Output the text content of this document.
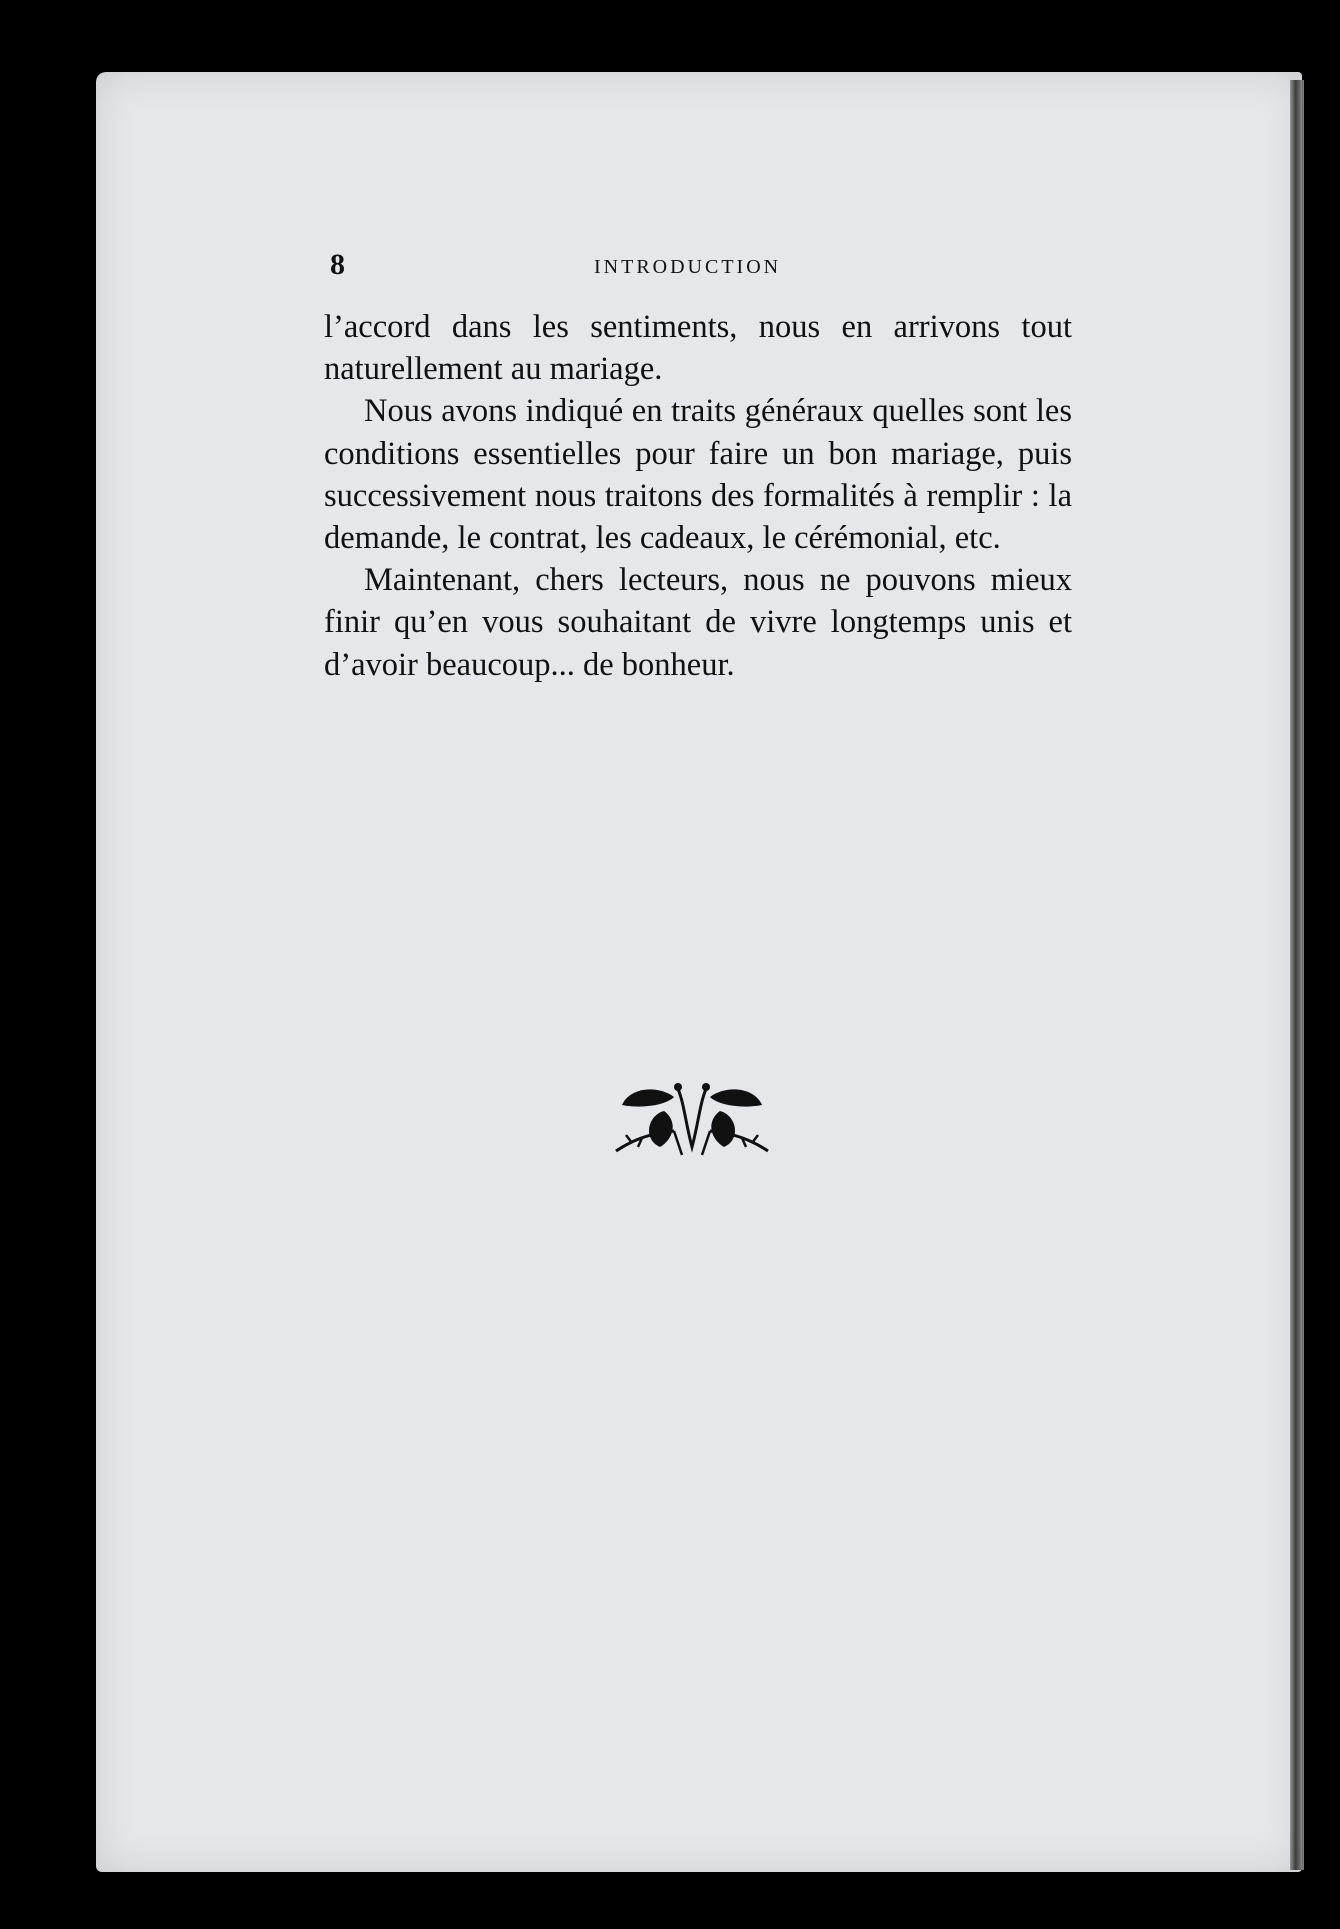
8	INTRODUCTION

l’accord dans les sentiments, nous en arrivons tout naturellement au mariage.

Nous avons indiqué en traits généraux quelles sont les conditions essentielles pour faire un bon mariage, puis successivement nous traitons des formalités à remplir : la demande, le contrat, les cadeaux, le cérémonial, etc.

Maintenant, chers lecteurs, nous ne pouvons mieux finir qu’en vous souhaitant de vivre longtemps unis et d’avoir beaucoup... de bonheur.
